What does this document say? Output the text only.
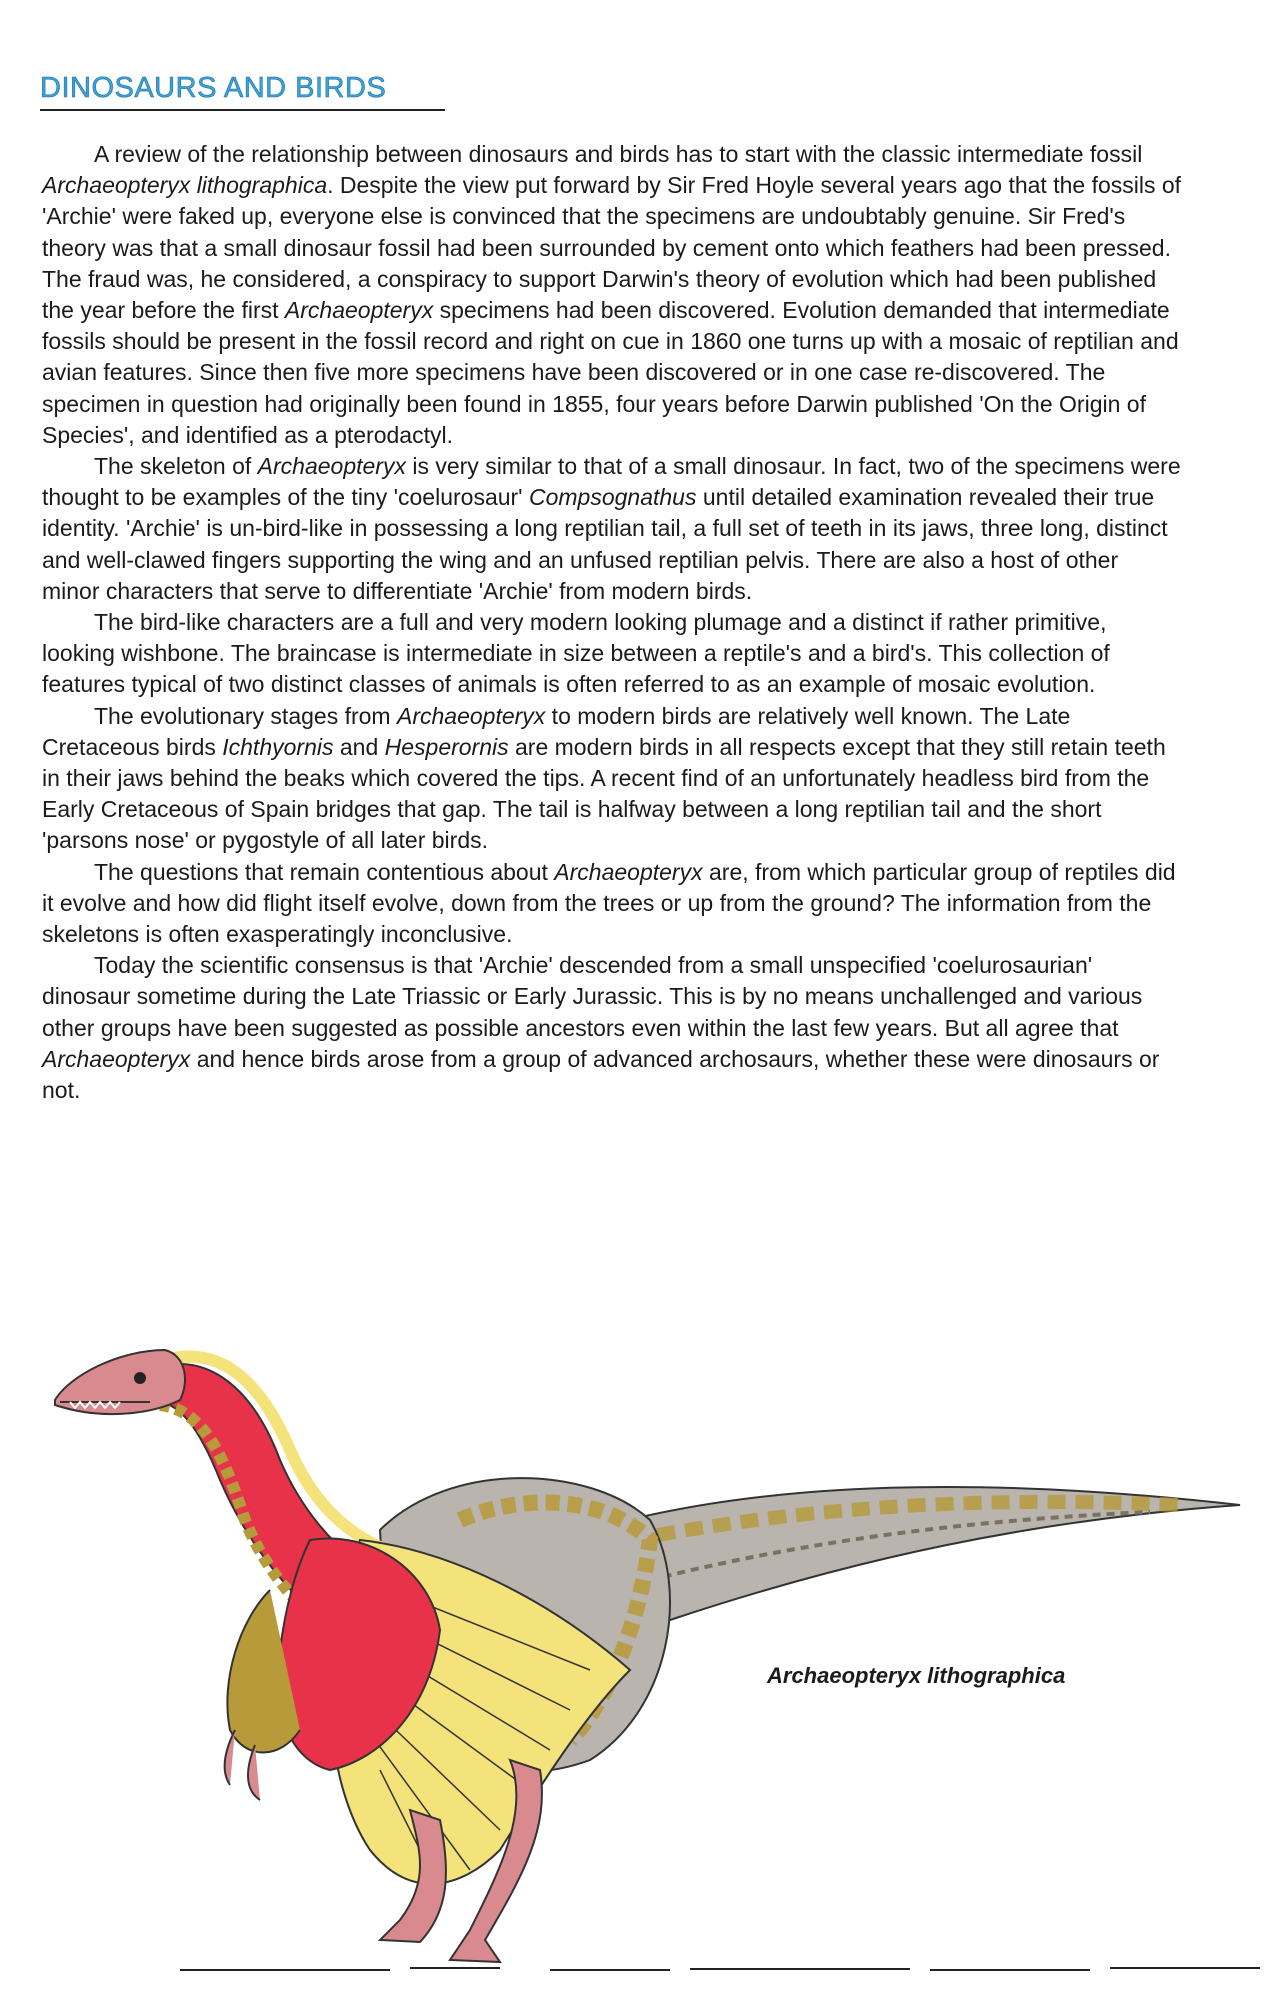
DINOSAURS AND BIRDS

A review of the relationship between dinosaurs and birds has to start with the classic intermediate fossil Archaeopteryx lithographica. Despite the view put forward by Sir Fred Hoyle several years ago that the fossils of 'Archie' were faked up, everyone else is convinced that the specimens are undoubtably genuine. Sir Fred's theory was that a small dinosaur fossil had been surrounded by cement onto which feathers had been pressed. The fraud was, he considered, a conspiracy to support Darwin's theory of evolution which had been published the year before the first Archaeopteryx specimens had been discovered. Evolution demanded that intermediate fossils should be present in the fossil record and right on cue in 1860 one turns up with a mosaic of reptilian and avian features. Since then five more specimens have been discovered or in one case re-discovered. The specimen in question had originally been found in 1855, four years before Darwin published 'On the Origin of Species', and identified as a pterodactyl.

The skeleton of Archaeopteryx is very similar to that of a small dinosaur. In fact, two of the specimens were thought to be examples of the tiny 'coelurosaur' Compsognathus until detailed examination revealed their true identity. 'Archie' is un-bird-like in possessing a long reptilian tail, a full set of teeth in its jaws, three long, distinct and well-clawed fingers supporting the wing and an unfused reptilian pelvis. There are also a host of other minor characters that serve to differentiate 'Archie' from modern birds.

The bird-like characters are a full and very modern looking plumage and a distinct if rather primitive, looking wishbone. The braincase is intermediate in size between a reptile's and a bird's. This collection of features typical of two distinct classes of animals is often referred to as an example of mosaic evolution.

The evolutionary stages from Archaeopteryx to modern birds are relatively well known. The Late Cretaceous birds Ichthyornis and Hesperornis are modern birds in all respects except that they still retain teeth in their jaws behind the beaks which covered the tips. A recent find of an unfortunately headless bird from the Early Cretaceous of Spain bridges that gap. The tail is halfway between a long reptilian tail and the short 'parsons nose' or pygostyle of all later birds.

The questions that remain contentious about Archaeopteryx are, from which particular group of reptiles did it evolve and how did flight itself evolve, down from the trees or up from the ground? The information from the skeletons is often exasperatingly inconclusive.

Today the scientific consensus is that 'Archie' descended from a small unspecified 'coelurosaurian' dinosaur sometime during the Late Triassic or Early Jurassic. This is by no means unchallenged and various other groups have been suggested as possible ancestors even within the last few years. But all agree that Archaeopteryx and hence birds arose from a group of advanced archosaurs, whether these were dinosaurs or not.

Archaeopteryx lithographica
